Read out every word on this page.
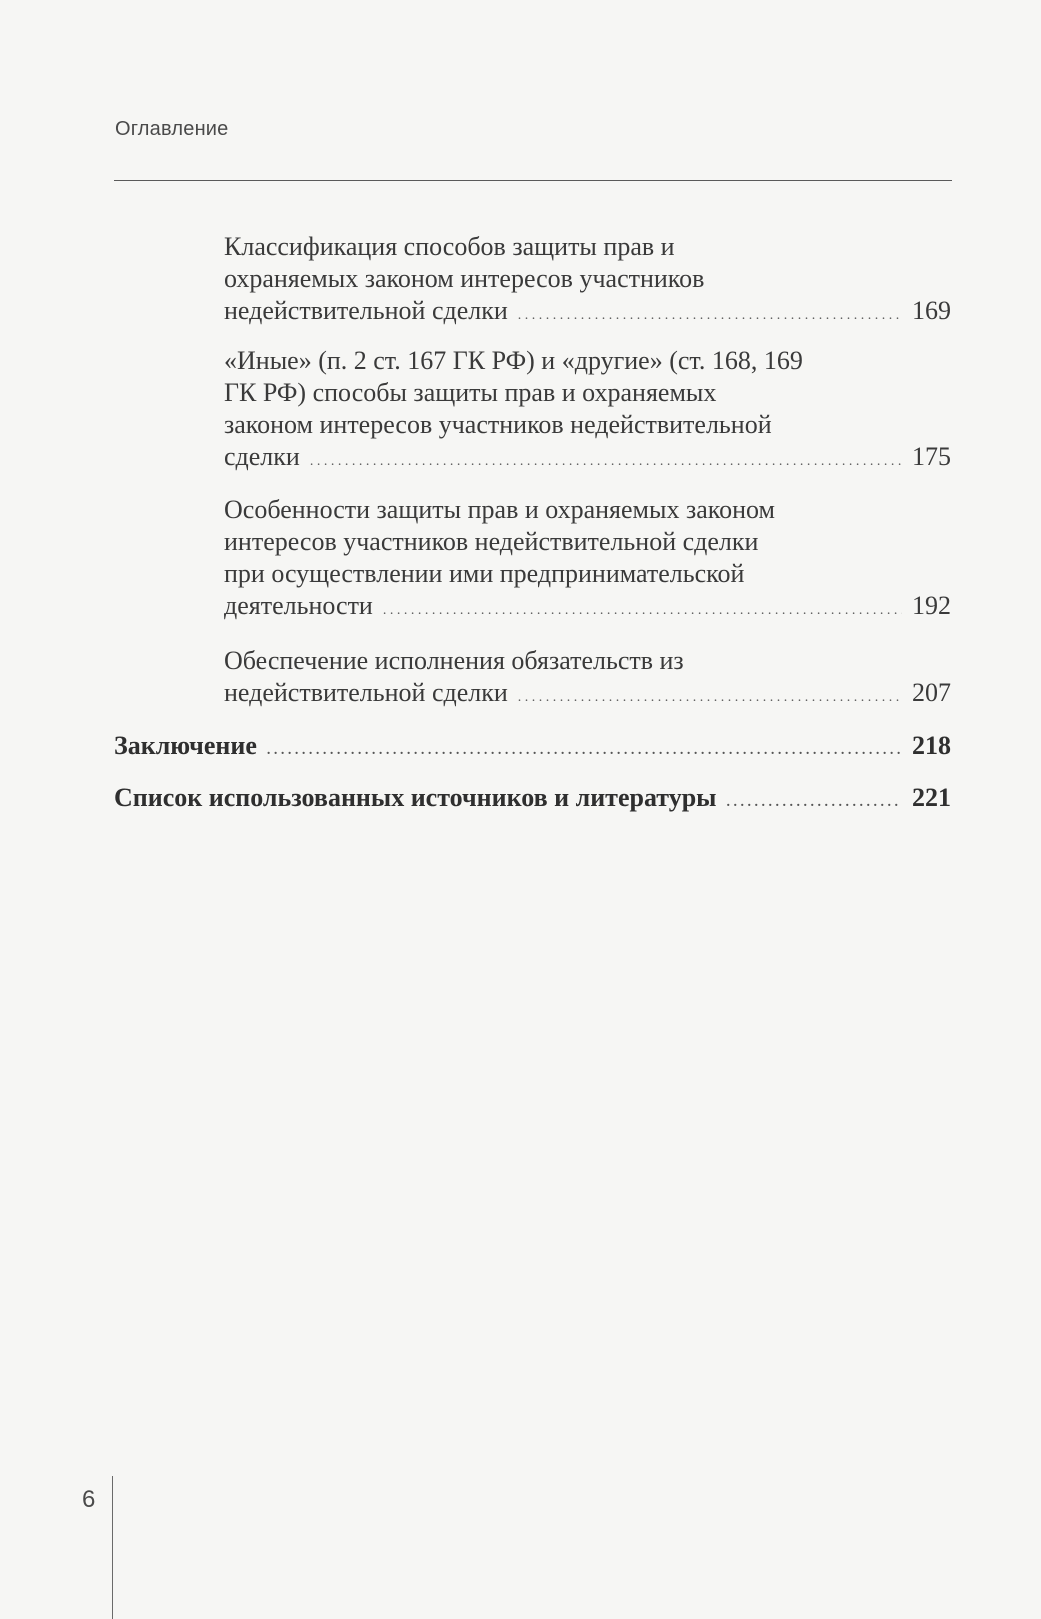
Оглавление
Классификация способов защиты прав и
охраняемых законом интересов участников
недействительной сделки . . .	169
«Иные» (п. 2 ст. 167 ГК РФ) и «другие» (ст. 168, 169
ГК РФ) способы защиты прав и охраняемых
законом интересов участников недействительной
сделки . . .	175
Особенности защиты прав и охраняемых законом
интересов участников недействительной сделки
при осуществлении ими предпринимательской
деятельности . . .	192
Обеспечение исполнения обязательств из
недействительной сделки . . .	207
Заключение . . .	218
Список использованных источников и литературы . . .	221
6
